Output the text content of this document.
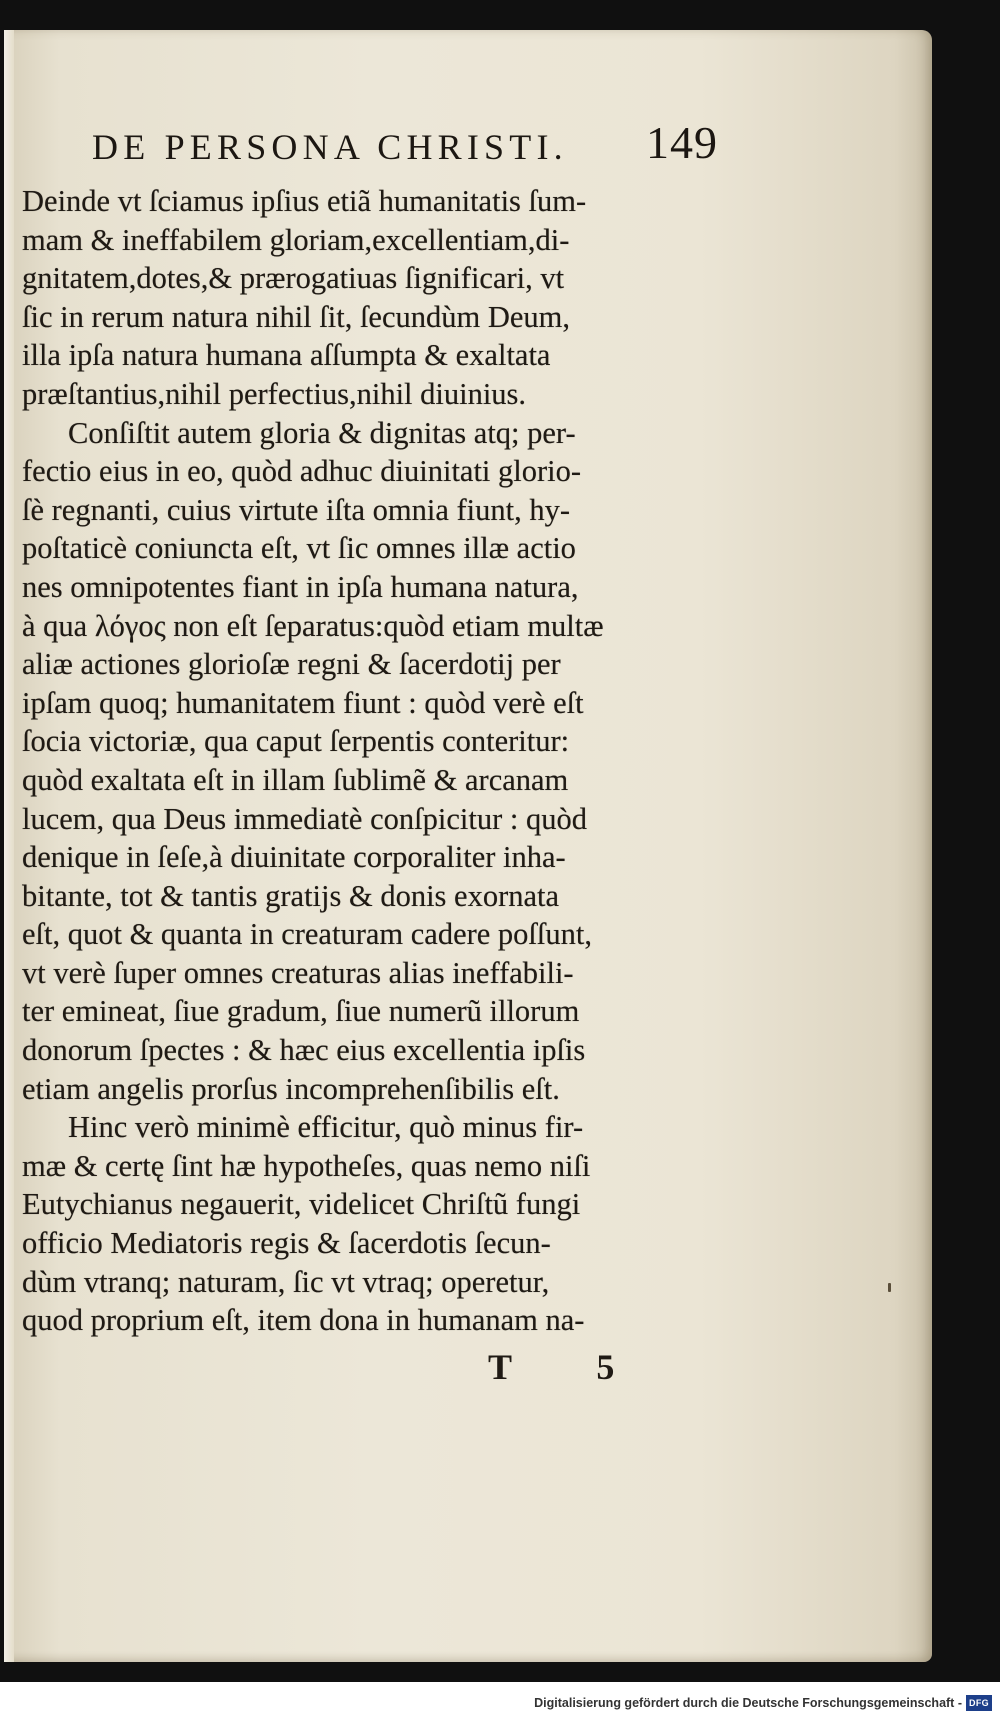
DE PERSONA CHRISTI. 149
Deinde vt ſciamus ipſius etiã humanitatis ſum-
mam & ineffabilem gloriam,excellentiam,di-
gnitatem,dotes,& prærogatiuas ſignificari, vt
ſic in rerum natura nihil ſit, ſecundùm Deum,
illa ipſa natura humana aſſumpta & exaltata
præſtantius,nihil perfectius,nihil diuinius.
Conſiſtit autem gloria & dignitas atq; per-
fectio eius in eo, quòd adhuc diuinitati glorio-
ſè regnanti, cuius virtute iſta omnia fiunt, hy-
poſtaticè coniuncta eſt, vt ſic omnes illæ actio
nes omnipotentes fiant in ipſa humana natura,
à qua λόγος non eſt ſeparatus:quòd etiam multæ
aliæ actiones glorioſæ regni & ſacerdotij per
ipſam quoq; humanitatem fiunt : quòd verè eſt
ſocia victoriæ, qua caput ſerpentis conteritur:
quòd exaltata eſt in illam ſublimẽ & arcanam
lucem, qua Deus immediatè conſpicitur : quòd
denique in ſeſe,à diuinitate corporaliter inha-
bitante, tot & tantis gratijs & donis exornata
eſt, quot & quanta in creaturam cadere poſſunt,
vt verè ſuper omnes creaturas alias ineffabili-
ter emineat, ſiue gradum, ſiue numerũ illorum
donorum ſpectes : & hæc eius excellentia ipſis
etiam angelis prorſus incomprehenſibilis eſt.
Hinc verò minimè efficitur, quò minus fir-
mæ & certę ſint hæ hypotheſes, quas nemo niſi
Eutychianus negauerit, videlicet Chriſtũ fungi
officio Mediatoris regis & ſacerdotis ſecun-
dùm vtranq; naturam, ſic vt vtraq; operetur,
quod proprium eſt, item dona in humanam na-
T 5
Digitalisierung gefördert durch die Deutsche Forschungsgemeinschaft - DFG
